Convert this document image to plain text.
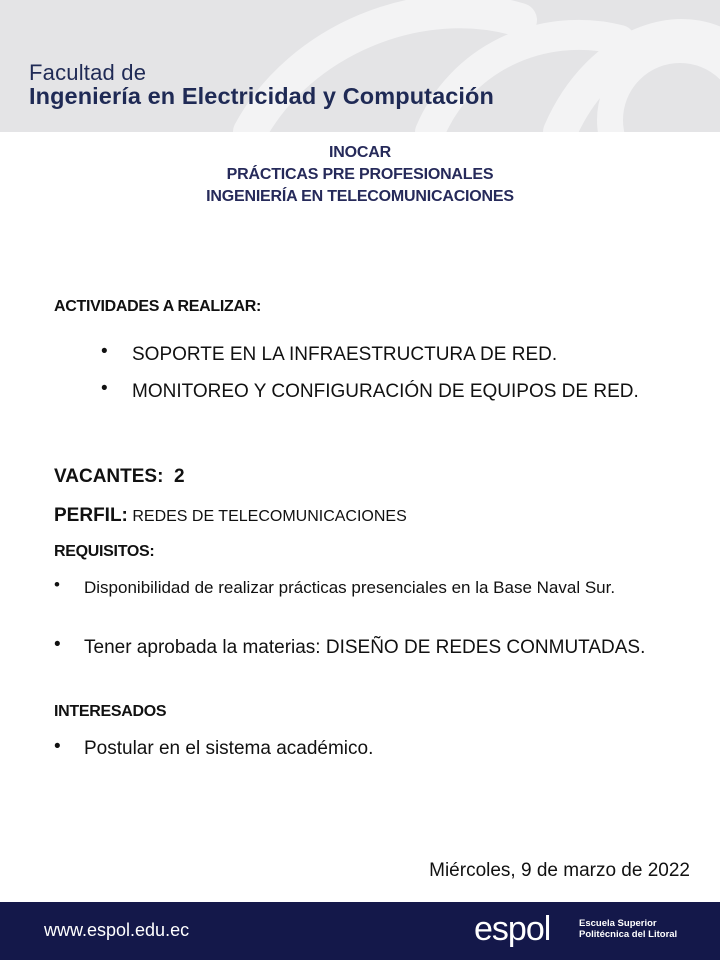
Facultad de
Ingeniería en Electricidad y Computación
INOCAR
PRÁCTICAS PRE PROFESIONALES
INGENIERÍA EN TELECOMUNICACIONES
ACTIVIDADES A REALIZAR:
•	SOPORTE EN LA INFRAESTRUCTURA DE RED.
•	MONITOREO Y CONFIGURACIÓN DE EQUIPOS DE RED.
VACANTES: 2
PERFIL: REDES DE TELECOMUNICACIONES
REQUISITOS:
•	Disponibilidad de realizar prácticas presenciales en la Base Naval Sur.
•	Tener aprobada la materias: DISEÑO DE REDES CONMUTADAS.
INTERESADOS
•	Postular en el sistema académico.
Miércoles, 9 de marzo de 2022
www.espol.edu.ec	espol	Escuela Superior
Politécnica del Litoral
